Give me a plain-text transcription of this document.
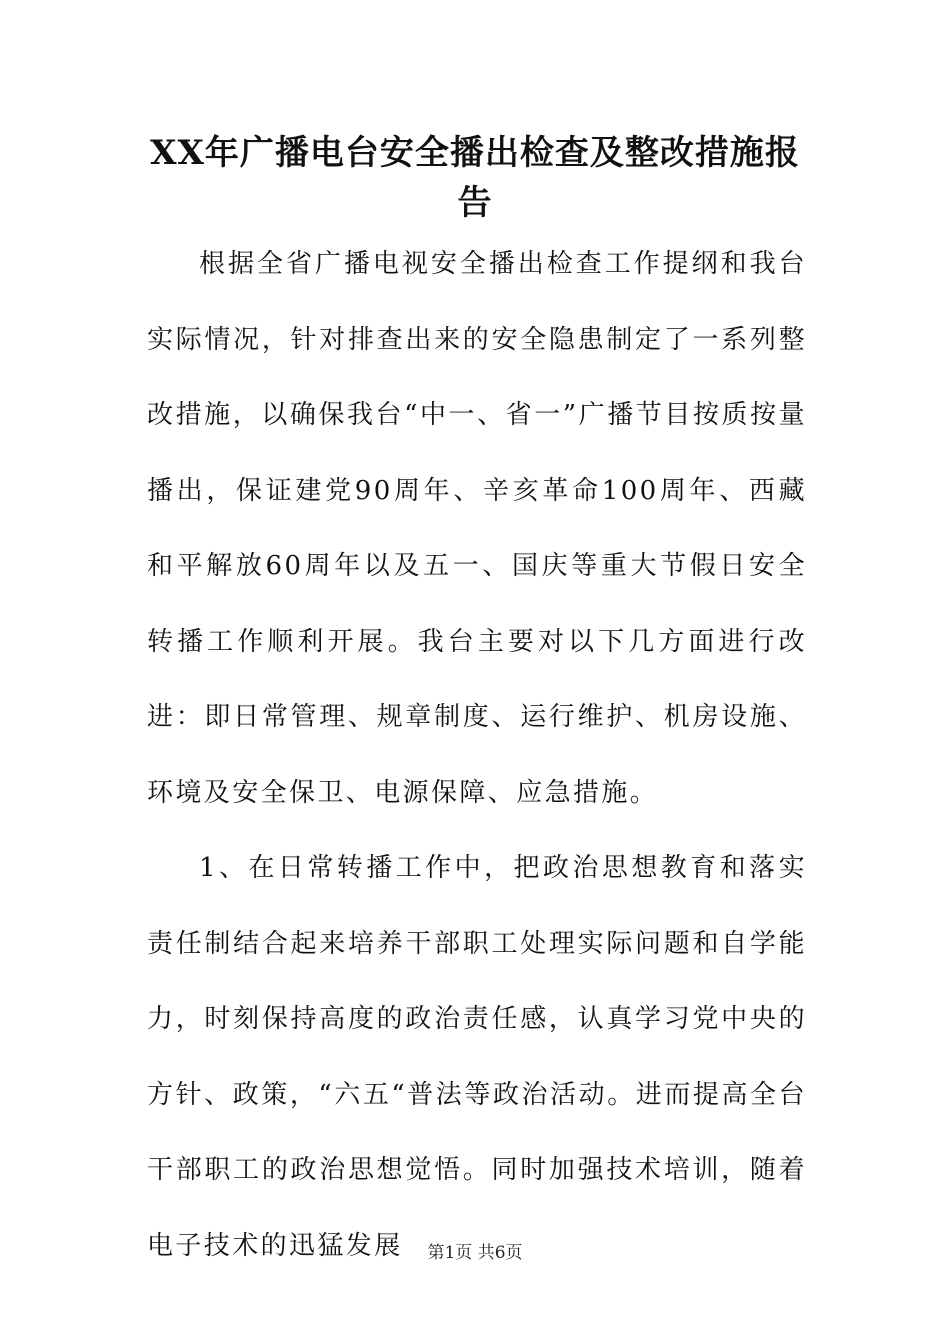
XX年广播电台安全播出检查及整改措施报告

根据全省广播电视安全播出检查工作提纲和我台实际情况，针对排查出来的安全隐患制定了一系列整改措施，以确保我台“中一、省一”广播节目按质按量播出，保证建党90周年、辛亥革命100周年、西藏和平解放60周年以及五一、国庆等重大节假日安全转播工作顺利开展。我台主要对以下几方面进行改进：即日常管理、规章制度、运行维护、机房设施、环境及安全保卫、电源保障、应急措施。

1、在日常转播工作中，把政治思想教育和落实责任制结合起来培养干部职工处理实际问题和自学能力，时刻保持高度的政治责任感，认真学习党中央的方针、政策，“六五“普法等政治活动。进而提高全台干部职工的政治思想觉悟。同时加强技术培训，随着电子技术的迅猛发展	第1页 共6页
